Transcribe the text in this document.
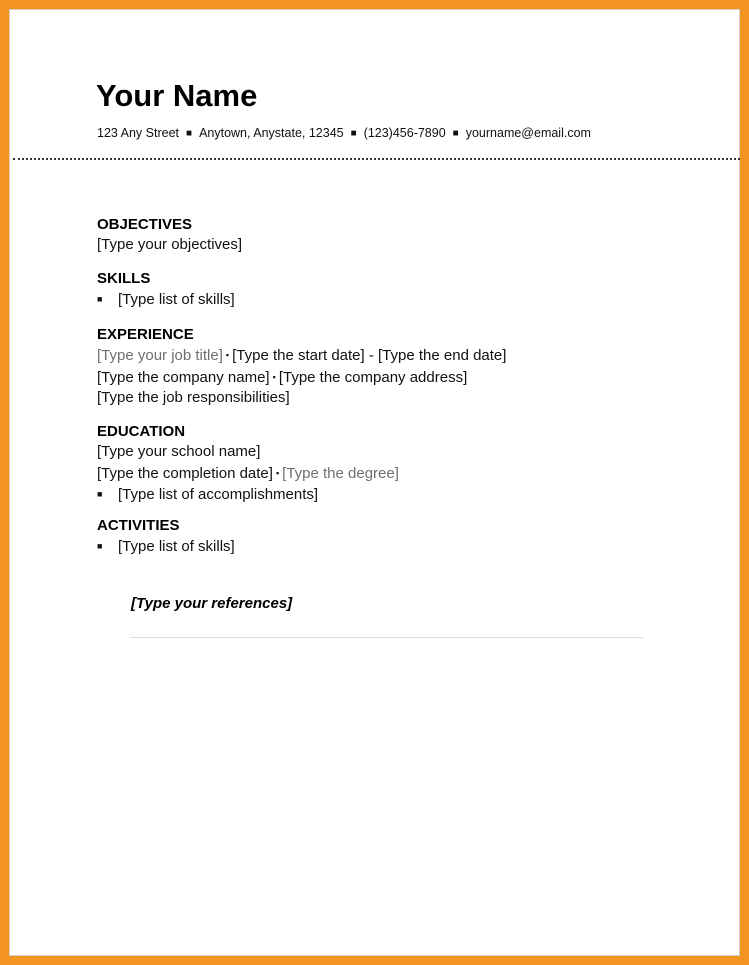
Your Name
123 Any Street ■ Anytown, Anystate, 12345 ■ (123)456-7890 ■ yourname@email.com
OBJECTIVES
[Type your objectives]
SKILLS
■ [Type list of skills]
EXPERIENCE
[Type your job title] ▪ [Type the start date] - [Type the end date]
[Type the company name] ▪ [Type the company address]
[Type the job responsibilities]
EDUCATION
[Type your school name]
[Type the completion date] ▪ [Type the degree]
■ [Type list of accomplishments]
ACTIVITIES
■ [Type list of skills]
[Type your references]
